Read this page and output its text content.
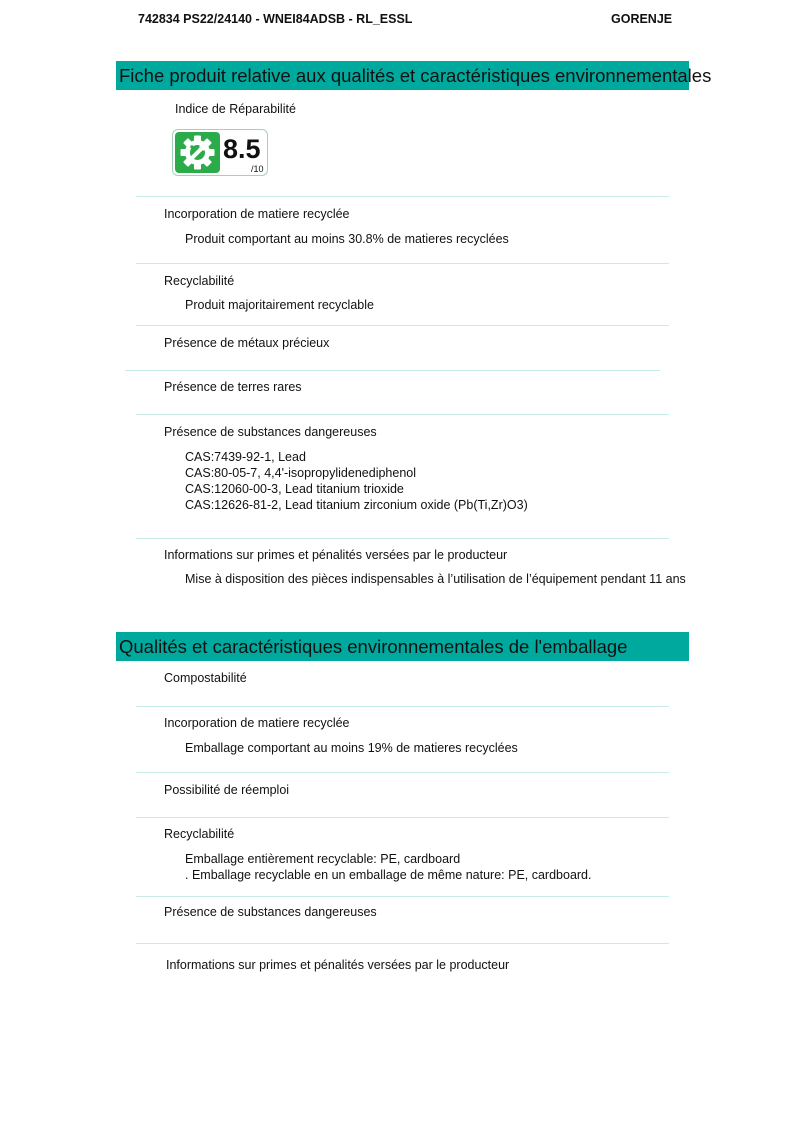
742834 PS22/24140 - WNEI84ADSB - RL_ESSL	GORENJE
Fiche produit relative aux qualités et caractéristiques environnementales
Indice de Réparabilité
8.5
/10
Incorporation de matiere recyclée
Produit comportant au moins 30.8% de matieres recyclées
Recyclabilité
Produit majoritairement recyclable
Présence de métaux précieux
Présence de terres rares
Présence de substances dangereuses
CAS:7439-92-1, Lead
CAS:80-05-7, 4,4'-isopropylidenediphenol
CAS:12060-00-3, Lead titanium trioxide
CAS:12626-81-2, Lead titanium zirconium oxide (Pb(Ti,Zr)O3)
Informations sur primes et pénalités versées par le producteur
Mise à disposition des pièces indispensables à l’utilisation de l’équipement pendant 11 ans
Qualités et caractéristiques environnementales de l'emballage
Compostabilité
Incorporation de matiere recyclée
Emballage comportant au moins 19% de matieres recyclées
Possibilité de réemploi
Recyclabilité
Emballage entièrement recyclable: PE, cardboard
. Emballage recyclable en un emballage de même nature: PE, cardboard.
Présence de substances dangereuses
Informations sur primes et pénalités versées par le producteur
